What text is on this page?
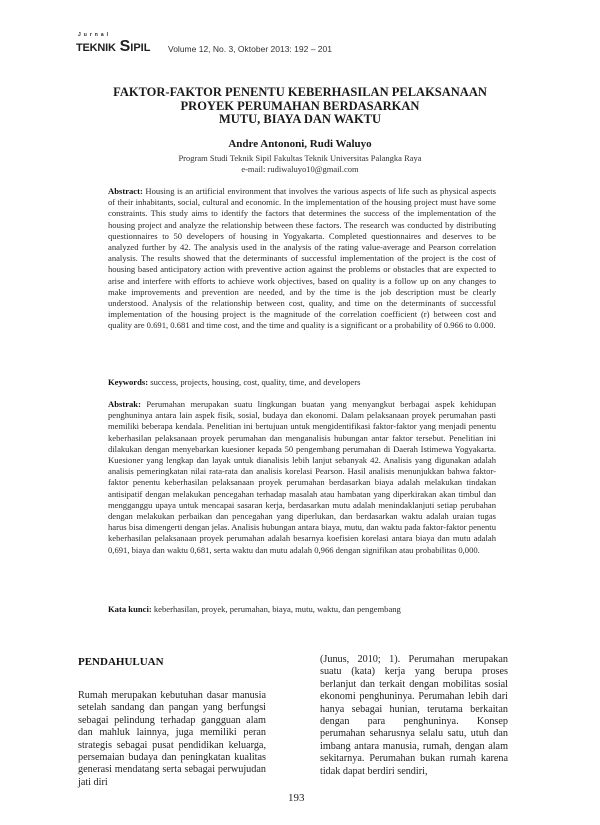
Jurnal
TEKNIK SIPIL Volume 12, No. 3, Oktober 2013: 192 – 201
FAKTOR-FAKTOR PENENTU KEBERHASILAN PELAKSANAAN
PROYEK PERUMAHAN BERDASARKAN
MUTU, BIAYA DAN WAKTU
Andre Antononi, Rudi Waluyo
Program Studi Teknik Sipil Fakultas Teknik Universitas Palangka Raya
e-mail: rudiwaluyo10@gmail.com
Abstract: Housing is an artificial environment that involves the various aspects of life such as physical aspects of their inhabitants, social, cultural and economic. In the implementation of the housing project must have some constraints. This study aims to identify the factors that determines the success of the implementation of the housing project and analyze the relationship between these factors. The research was conducted by distributing questionnaires to 50 developers of housing in Yogyakarta. Completed questionnaires and deserves to be analyzed further by 42. The analysis used in the analysis of the rating value-average and Pearson correlation analysis. The results showed that the determinants of successful implementation of the project is the cost of housing based anticipatory action with preventive action against the problems or obstacles that are expected to arise and interfere with efforts to achieve work objectives, based on quality is a follow up on any changes to make improvements and prevention are needed, and by the time is the job description must be clearly understood. Analysis of the relationship between cost, quality, and time on the determinants of successful implementation of the housing project is the magnitude of the correlation coefficient (r) between cost and quality are 0.691, 0.681 and time cost, and the time and quality is a significant or a probability of 0.966 to 0.000.
Keywords: success, projects, housing, cost, quality, time, and developers
Abstrak: Perumahan merupakan suatu lingkungan buatan yang menyangkut berbagai aspek kehidupan penghuninya antara lain aspek fisik, sosial, budaya dan ekonomi. Dalam pelaksanaan proyek perumahan pasti memiliki beberapa kendala. Penelitian ini bertujuan untuk mengidentifikasi faktor-faktor yang menjadi penentu keberhasilan pelaksanaan proyek perumahan dan menganalisis hubungan antar faktor tersebut. Penelitian ini dilakukan dengan menyebarkan kuesioner kepada 50 pengembang perumahan di Daerah Istimewa Yogyakarta. Kuesioner yang lengkap dan layak untuk dianalisis lebih lanjut sebanyak 42. Analisis yang digunakan adalah analisis pemeringkatan nilai rata-rata dan analisis korelasi Pearson. Hasil analisis menunjukkan bahwa faktor-faktor penentu keberhasilan pelaksanaan proyek perumahan berdasarkan biaya adalah melakukan tindakan antisipatif dengan melakukan pencegahan terhadap masalah atau hambatan yang diperkirakan akan timbul dan mengganggu upaya untuk mencapai sasaran kerja, berdasarkan mutu adalah menindaklanjuti setiap perubahan dengan melakukan perbaikan dan pencegahan yang diperlukan, dan berdasarkan waktu adalah uraian tugas harus bisa dimengerti dengan jelas. Analisis hubungan antara biaya, mutu, dan waktu pada faktor-faktor penentu keberhasilan pelaksanaan proyek perumahan adalah besarnya koefisien korelasi antara biaya dan mutu adalah 0,691, biaya dan waktu 0,681, serta waktu dan mutu adalah 0,966 dengan signifikan atau probabilitas 0,000.
Kata kunci: keberhasilan, proyek, perumahan, biaya, mutu, waktu, dan pengembang
PENDAHULUAN
Rumah merupakan kebutuhan dasar manusia setelah sandang dan pangan yang berfungsi sebagai pelindung terhadap gangguan alam dan mahluk lainnya, juga memiliki peran strategis sebagai pusat pendidikan keluarga, persemaian budaya dan peningkatan kualitas generasi mendatang serta sebagai perwujudan jati diri
(Junus, 2010; 1). Perumahan merupakan suatu (kata) kerja yang berupa proses berlanjut dan terkait dengan mobilitas sosial ekonomi penghuninya. Perumahan lebih dari hanya sebagai hunian, terutama berkaitan dengan para penghuninya. Konsep perumahan seharusnya selalu satu, utuh dan imbang antara manusia, rumah, dengan alam sekitarnya. Perumahan bukan rumah karena tidak dapat berdiri sendiri,
193
